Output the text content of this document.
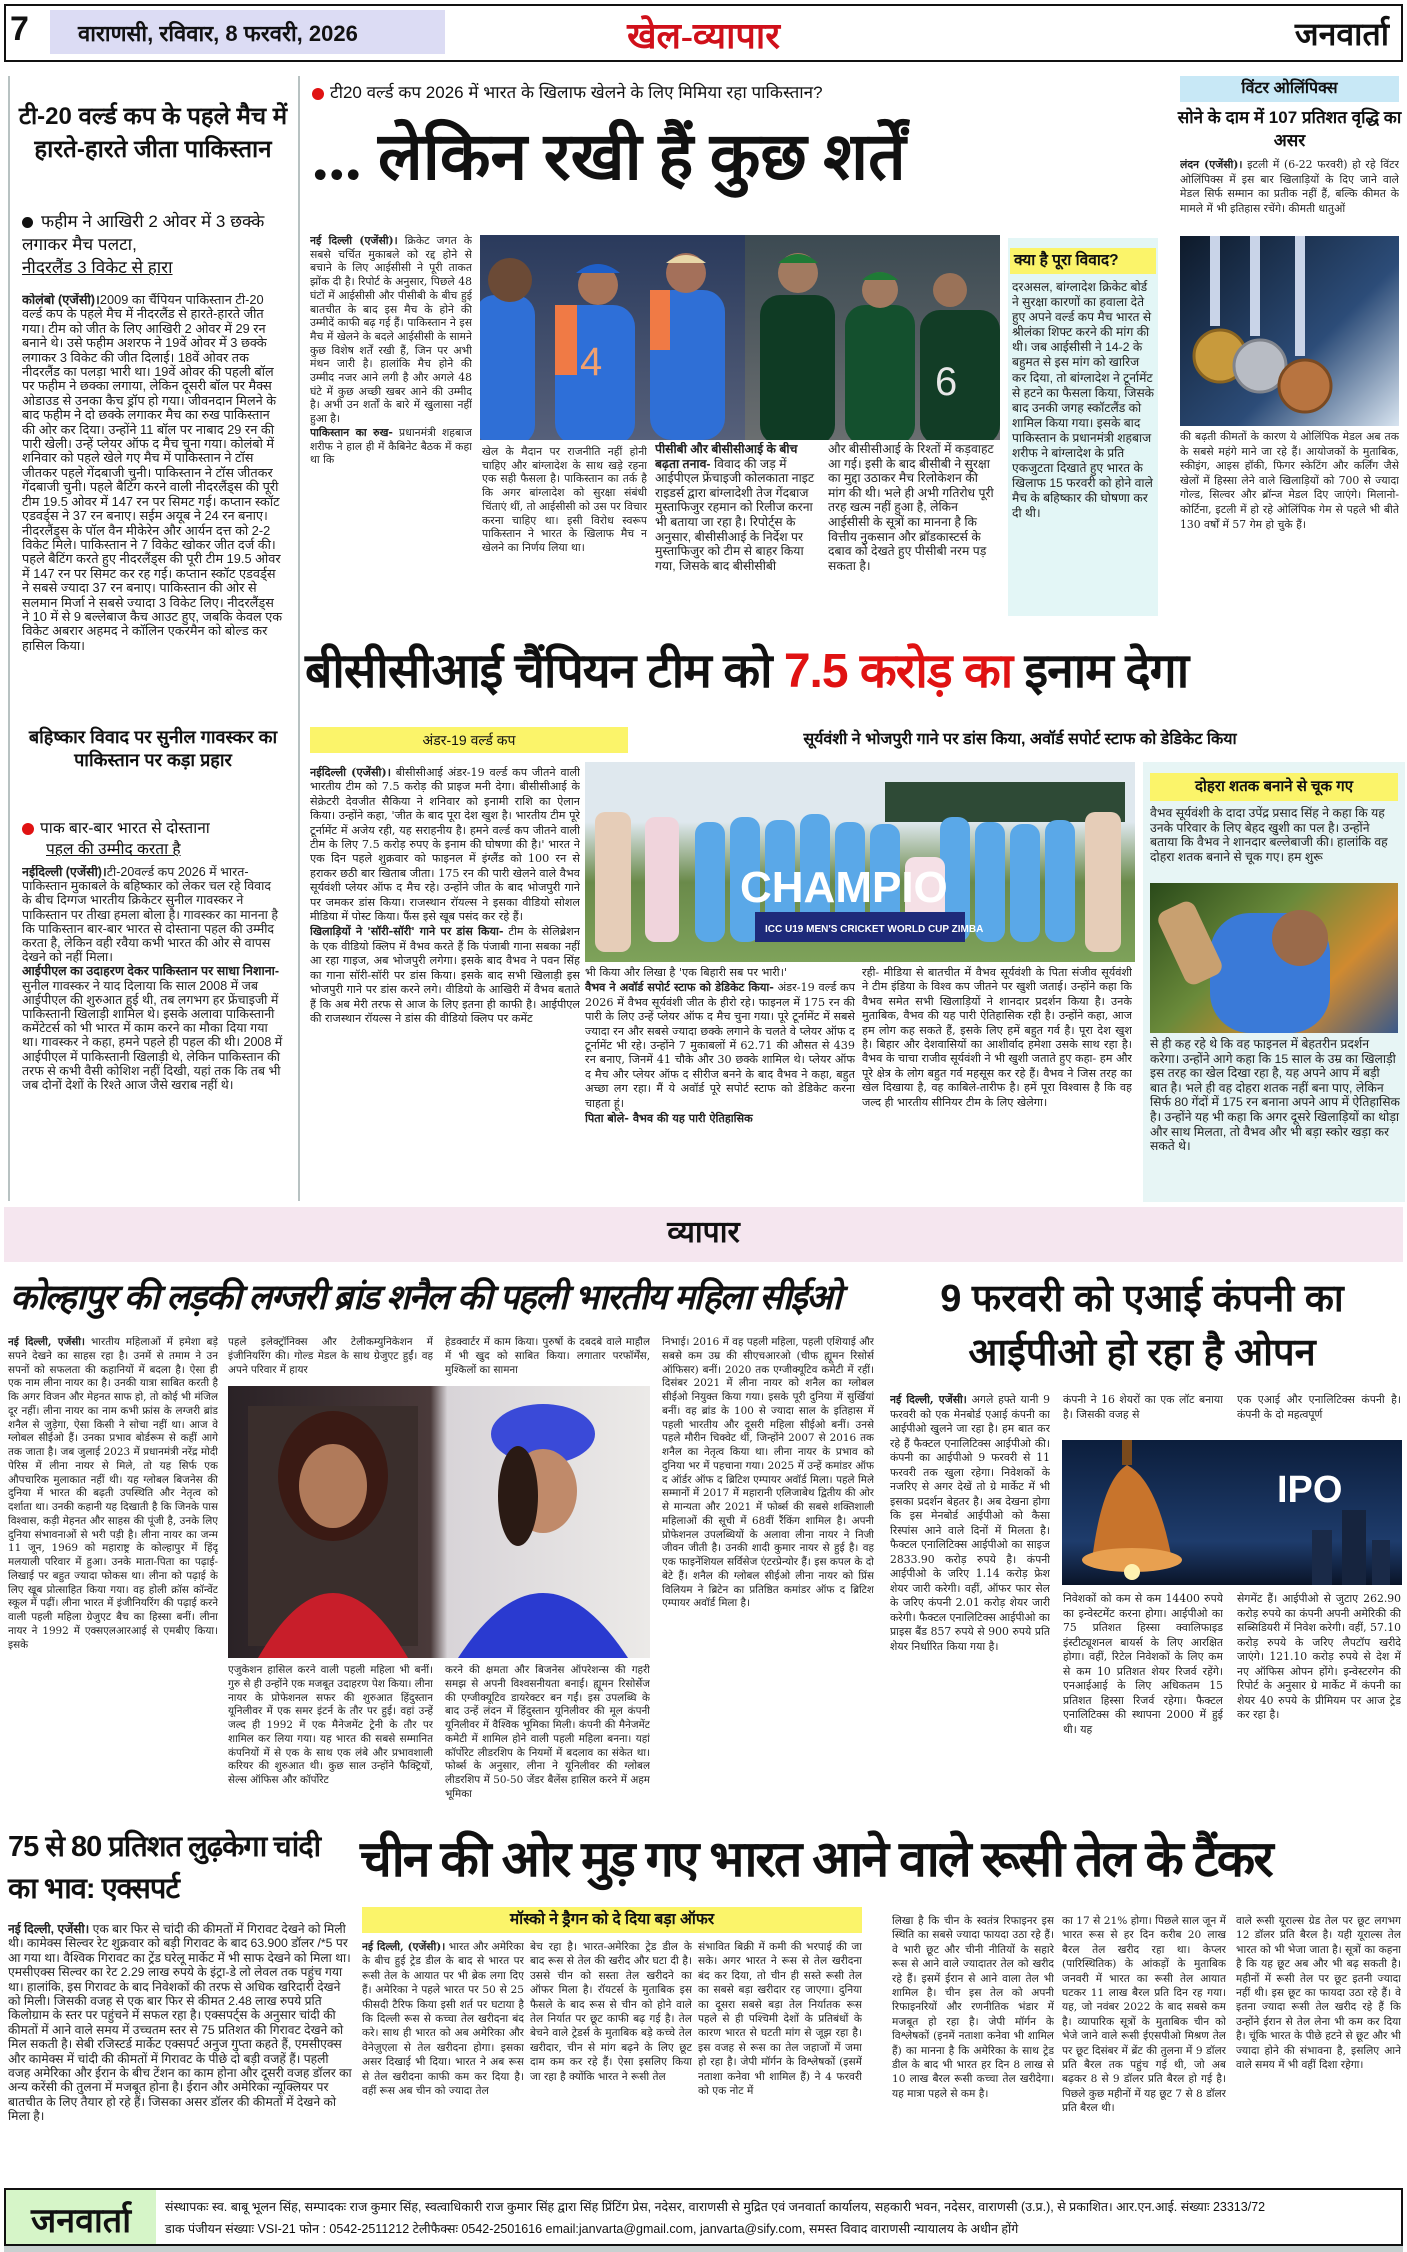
7 वाराणसी, रविवार, 8 फरवरी, 2026	खेल-व्यापार	जनवार्ता
टी-20 वर्ल्ड कप के पहले मैच में हारते-हारते जीता पाकिस्तान
फहीम ने आखिरी 2 ओवर में 3 छक्के लगाकर मैच पलटा,
नीदरलैंड 3 विकेट से हारा
कोलंबो (एजेंसी)।2009 का चैंपियन पाकिस्तान टी-20 वर्ल्ड कप के पहले मैच में नीदरलैंड से हारते-हारते जीत गया। टीम को जीत के लिए आखिरी 2 ओवर में 29 रन बनाने थे। उसे फहीम अशरफ ने 19वें ओवर में 3 छक्के लगाकर 3 विकेट की जीत दिलाई। 18वें ओवर तक नीदरलैंड का पलड़ा भारी था। 19वें ओवर की पहली बॉल पर फहीम ने छक्का लगाया, लेकिन दूसरी बॉल पर मैक्स ओडाउड से उनका कैच ड्रॉप हो गया। जीवनदान मिलने के बाद फहीम ने दो छक्के लगाकर मैच का रुख पाकिस्तान की ओर कर दिया। उन्होंने 11 बॉल पर नाबाद 29 रन की पारी खेली। उन्हें प्लेयर ऑफ द मैच चुना गया। कोलंबो में शनिवार को पहले खेले गए मैच में पाकिस्तान ने टॉस जीतकर पहले गेंदबाजी चुनी। पाकिस्तान ने टॉस जीतकर गेंदबाजी चुनी। पहले बैटिंग करने वाली नीदरलैंड्स की पूरी टीम 19.5 ओवर में 147 रन पर सिमट गई। कप्तान स्कॉट एडवर्ड्स ने 37 रन बनाए। सईम अयूब ने 24 रन बनाए। नीदरलैंड्स के पॉल वैन मीकेरेन और आर्यन दत्त को 2-2 विकेट मिले। पाकिस्तान ने 7 विकेट खोकर जीत दर्ज की। पहले बैटिंग करते हुए नीदरलैंड्स की पूरी टीम 19.5 ओवर में 147 रन पर सिमट कर रह गई। कप्तान स्कॉट एडवर्ड्स ने सबसे ज्यादा 37 रन बनाए। पाकिस्तान की ओर से सलमान मिर्जा ने सबसे ज्यादा 3 विकेट लिए। नीदरलैंड्स ने 10 में से 9 बल्लेबाज कैच आउट हुए, जबकि केवल एक विकेट अबरार अहमद ने कॉलिन एकरमैन को बोल्ड कर हासिल किया।
बहिष्कार विवाद पर सुनील गावस्कर का पाकिस्तान पर कड़ा प्रहार
पाक बार-बार भारत से दोस्ताना
पहल की उम्मीद करता है
नईदिल्ली (एजेंसी)।टी-20वर्ल्ड कप 2026 में भारत-पाकिस्तान मुकाबले के बहिष्कार को लेकर चल रहे विवाद के बीच दिग्गज भारतीय क्रिकेटर सुनील गावस्कर ने पाकिस्तान पर तीखा हमला बोला है। गावस्कर का मानना है कि पाकिस्तान बार-बार भारत से दोस्ताना पहल की उम्मीद करता है, लेकिन वही रवैया कभी भारत की ओर से वापस देखने को नहीं मिला।
आईपीएल का उदाहरण देकर पाकिस्तान पर साधा निशाना- सुनील गावस्कर ने याद दिलाया कि साल 2008 में जब आईपीएल की शुरुआत हुई थी, तब लगभग हर फ्रेंचाइजी में पाकिस्तानी खिलाड़ी शामिल थे। इसके अलावा पाकिस्तानी कमेंटेटर्स को भी भारत में काम करने का मौका दिया गया था। गावस्कर ने कहा, हमने पहले ही पहल की थी। 2008 में आईपीएल में पाकिस्तानी खिलाड़ी थे, लेकिन पाकिस्तान की तरफ से कभी वैसी कोशिश नहीं दिखी, यहां तक कि तब भी जब दोनों देशों के रिश्ते आज जैसे खराब नहीं थे।
टी20 वर्ल्ड कप 2026 में भारत के खिलाफ खेलने के लिए मिमिया रहा पाकिस्तान?
... लेकिन रखी हैं कुछ शर्तें
नई दिल्ली (एजेंसी)। क्रिकेट जगत के सबसे चर्चित मुकाबले को रद्द होने से बचाने के लिए आईसीसी ने पूरी ताकत झोंक दी है। रिपोर्ट के अनुसार, पिछले 48 घंटों में आईसीसी और पीसीबी के बीच हुई बातचीत के बाद इस मैच के होने की उम्मीदें काफी बढ़ गई हैं। पाकिस्तान ने इस मैच में खेलने के बदले आईसीसी के सामने कुछ विशेष शर्तें रखी हैं, जिन पर अभी मंथन जारी है। हालांकि मैच होने की उम्मीद नजर आने लगी है और अगले 48 घंटे में कुछ अच्छी खबर आने की उम्मीद है। अभी उन शर्तों के बारे में खुलासा नहीं हुआ है।
पाकिस्तान का रुख- प्रधानमंत्री शहबाज शरीफ ने हाल ही में कैबिनेट बैठक में कहा था कि
4	6
खेल के मैदान पर राजनीति नहीं होनी चाहिए और बांग्लादेश के साथ खड़े रहना एक सही फैसला है। पाकिस्तान का तर्क है कि अगर बांग्लादेश को सुरक्षा संबंधी चिंताएं थीं, तो आईसीसी को उस पर विचार करना चाहिए था। इसी विरोध स्वरूप पाकिस्तान ने भारत के खिलाफ मैच न खेलने का निर्णय लिया था।
पीसीबी और बीसीसीआई के बीच बढ़ता तनाव- विवाद की जड़ में आईपीएल फ्रेंचाइजी कोलकाता नाइट राइडर्स द्वारा बांग्लादेशी तेज गेंदबाज मुस्ताफिजुर रहमान को रिलीज करना भी बताया जा रहा है। रिपोर्ट्स के अनुसार, बीसीसीआई के निर्देश पर मुस्ताफिजुर को टीम से बाहर किया गया, जिसके बाद बीसीसीबी
और बीसीसीआई के रिश्तों में कड़वाहट आ गई। इसी के बाद बीसीबी ने सुरक्षा का मुद्दा उठाकर मैच रिलोकेशन की मांग की थी। भले ही अभी गतिरोध पूरी तरह खत्म नहीं हुआ है, लेकिन आईसीसी के सूत्रों का मानना है कि वित्तीय नुकसान और ब्रॉडकास्टर्स के दबाव को देखते हुए पीसीबी नरम पड़ सकता है।
क्या है पूरा विवाद?
दरअसल, बांग्लादेश क्रिकेट बोर्ड ने सुरक्षा कारणों का हवाला देते हुए अपने वर्ल्ड कप मैच भारत से श्रीलंका शिफ्ट करने की मांग की थी। जब आईसीसी ने 14-2 के बहुमत से इस मांग को खारिज कर दिया, तो बांग्लादेश ने टूर्नामेंट से हटने का फैसला किया, जिसके बाद उनकी जगह स्कॉटलैंड को शामिल किया गया। इसके बाद पाकिस्तान के प्रधानमंत्री शहबाज शरीफ ने बांग्लादेश के प्रति एकजुटता दिखाते हुए भारत के खिलाफ 15 फरवरी को होने वाले मैच के बहिष्कार की घोषणा कर दी थी।
विंटर ओलिंपिक्स
सोने के दाम में 107 प्रतिशत वृद्धि का असर
लंदन (एजेंसी)। इटली में (6-22 फरवरी) हो रहे विंटर ओलिंपिक्स में इस बार खिलाड़ियों के दिए जाने वाले मेडल सिर्फ सम्मान का प्रतीक नहीं हैं, बल्कि कीमत के मामले में भी इतिहास रचेंगे। कीमती धातुओं
की बढ़ती कीमतों के कारण ये ओलिंपिक मेडल अब तक के सबसे महंगे माने जा रहे हैं। आयोजकों के मुताबिक, स्कीइंग, आइस हॉकी, फिगर स्केटिंग और कर्लिंग जैसे खेलों में हिस्सा लेने वाले खिलाड़ियों को 700 से ज्यादा गोल्ड, सिल्वर और ब्रॉन्ज मेडल दिए जाएंगे। मिलानो-कोर्टिना, इटली में हो रहे ओलिंपिक गेम से पहले भी बीते 130 वर्षों में 57 गेम हो चुके हैं।
बीसीसीआई चैंपियन टीम को 7.5 करोड़ का इनाम देगा
अंडर-19 वर्ल्ड कप	सूर्यवंशी ने भोजपुरी गाने पर डांस किया, अवॉर्ड सपोर्ट स्टाफ को डेडिकेट किया
नईदिल्ली (एजेंसी)। बीसीसीआई अंडर-19 वर्ल्ड कप जीतने वाली भारतीय टीम को 7.5 करोड़ की प्राइज मनी देगा। बीसीसीआई के सेक्रेटरी देवजीत सैकिया ने शनिवार को इनामी राशि का ऐलान किया। उन्होंने कहा, 'जीत के बाद पूरा देश खुश है। भारतीय टीम पूरे टूर्नामेंट में अजेय रही, यह सराहनीय है। हमने वर्ल्ड कप जीतने वाली टीम के लिए 7.5 करोड़ रुपए के इनाम की घोषणा की है।' भारत ने एक दिन पहले शुक्रवार को फाइनल में इंग्लैंड को 100 रन से हराकर छठी बार खिताब जीता। 175 रन की पारी खेलने वाले वैभव सूर्यवंशी प्लेयर ऑफ द मैच रहे। उन्होंने जीत के बाद भोजपुरी गाने पर जमकर डांस किया। राजस्थान रॉयल्स ने इसका वीडियो सोशल मीडिया में पोस्ट किया। फैंस इसे खूब पसंद कर रहे हैं।
खिलाड़ियों ने 'सॉरी-सॉरी' गाने पर डांस किया- टीम के सेलिब्रेशन के एक वीडियो क्लिप में वैभव करते हैं कि पंजाबी गाना सबका नहीं आ रहा गाइज, अब भोजपुरी लगेगा। इसके बाद वैभव ने पवन सिंह का गाना सॉरी-सॉरी पर डांस किया। इसके बाद सभी खिलाड़ी इस भोजपुरी गाने पर डांस करने लगे। वीडियो के आखिरी में वैभव बताते हैं कि अब मेरी तरफ से आज के लिए इतना ही काफी है। आईपीएल की राजस्थान रॉयल्स ने डांस की वीडियो क्लिप पर कमेंट
CHAMPIO
ICC U19 MEN'S CRICKET WORLD CUP ZIMBA
भी किया और लिखा है 'एक बिहारी सब पर भारी।'
वैभव ने अवॉर्ड सपोर्ट स्टाफ को डेडिकेट किया- अंडर-19 वर्ल्ड कप 2026 में वैभव सूर्यवंशी जीत के हीरो रहे। फाइनल में 175 रन की पारी के लिए उन्हें प्लेयर ऑफ द मैच चुना गया। पूरे टूर्नामेंट में सबसे ज्यादा रन और सबसे ज्यादा छक्के लगाने के चलते वे प्लेयर ऑफ द टूर्नामेंट भी रहे। उन्होंने 7 मुकाबलों में 62.71 की औसत से 439 रन बनाए, जिनमें 41 चौके और 30 छक्के शामिल थे। प्लेयर ऑफ द मैच और प्लेयर ऑफ द सीरीज बनने के बाद वैभव ने कहा, बहुत अच्छा लग रहा। मैं ये अवॉर्ड पूरे सपोर्ट स्टाफ को डेडिकेट करना चाहता हूं।
पिता बोले- वैभव की यह पारी ऐतिहासिक
रही- मीडिया से बातचीत में वैभव सूर्यवंशी के पिता संजीव सूर्यवंशी ने टीम इंडिया के विश्व कप जीतने पर खुशी जताई। उन्होंने कहा कि वैभव समेत सभी खिलाड़ियों ने शानदार प्रदर्शन किया है। उनके मुताबिक, वैभव की यह पारी ऐतिहासिक रही है। उन्होंने कहा, आज हम लोग कह सकते हैं, इसके लिए हमें बहुत गर्व है। पूरा देश खुश है। बिहार और देशवासियों का आशीर्वाद हमेशा उसके साथ रहा है। वैभव के चाचा राजीव सूर्यवंशी ने भी खुशी जताते हुए कहा- हम और पूरे क्षेत्र के लोग बहुत गर्व महसूस कर रहे हैं। वैभव ने जिस तरह का खेल दिखाया है, वह काबिले-तारीफ है। हमें पूरा विश्वास है कि वह जल्द ही भारतीय सीनियर टीम के लिए खेलेगा।
दोहरा शतक बनाने से चूक गए
वैभव सूर्यवंशी के दादा उपेंद्र प्रसाद सिंह ने कहा कि यह उनके परिवार के लिए बेहद खुशी का पल है। उन्होंने बताया कि वैभव ने शानदार बल्लेबाजी की। हालांकि वह दोहरा शतक बनाने से चूक गए। हम शुरू
से ही कह रहे थे कि वह फाइनल में बेहतरीन प्रदर्शन करेगा। उन्होंने आगे कहा कि 15 साल के उम्र का खिलाड़ी इस तरह का खेल दिखा रहा है, यह अपने आप में बड़ी बात है। भले ही वह दोहरा शतक नहीं बना पाए, लेकिन सिर्फ 80 गेंदों में 175 रन बनाना अपने आप में ऐतिहासिक है। उन्होंने यह भी कहा कि अगर दूसरे खिलाड़ियों का थोड़ा और साथ मिलता, तो वैभव और भी बड़ा स्कोर खड़ा कर सकते थे।
व्यापार
कोल्हापुर की लड़की लग्जरी ब्रांड शनैल की पहली भारतीय महिला सीईओ
नई दिल्ली, एजेंसी। भारतीय महिलाओं में हमेशा बड़े सपने देखने का साहस रहा है। उनमें से तमाम ने उन सपनों को सफलता की कहानियों में बदला है। ऐसा ही एक नाम लीना नायर का है। उनकी यात्रा साबित करती है कि अगर विजन और मेहनत साफ हो, तो कोई भी मंजिल दूर नहीं। लीना नायर का नाम कभी फ्रांस के लग्जरी ब्रांड शनैल से जुड़ेगा, ऐसा किसी ने सोचा नहीं था। आज वे ग्लोबल सीईओ हैं। उनका प्रभाव बोर्डरूम से कहीं आगे तक जाता है। जब जुलाई 2023 में प्रधानमंत्री नरेंद्र मोदी पेरिस में लीना नायर से मिले, तो यह सिर्फ एक औपचारिक मुलाकात नहीं थी। यह ग्लोबल बिजनेस की दुनिया में भारत की बढ़ती उपस्थिति और नेतृत्व को दर्शाता था। उनकी कहानी यह दिखाती है कि जिनके पास विश्वास, कड़ी मेहनत और साहस की पूंजी है, उनके लिए दुनिया संभावनाओं से भरी पड़ी है। लीना नायर का जन्म 11 जून, 1969 को महाराष्ट्र के कोल्हापुर में हिंदू मलयाली परिवार में हुआ। उनके माता-पिता का पढ़ाई-लिखाई पर बहुत ज्यादा फोकस था। लीना को पढ़ाई के लिए खूब प्रोत्साहित किया गया। वह होली क्रॉस कॉन्वेंट स्कूल में पढ़ीं। लीना भारत में इंजीनियरिंग की पढ़ाई करने वाली पहली महिला ग्रेजुएट बैच का हिस्सा बनीं। लीना नायर ने 1992 में एक्सएलआरआई से एमबीए किया। इसके
पहले इलेक्ट्रॉनिक्स और टेलीकम्युनिकेशन में इंजीनियरिंग की। गोल्ड मेडल के साथ ग्रेजुएट हुईं। वह अपने परिवार में हायर
हेडक्वार्टर में काम किया। पुरुषों के दबदबे वाले माहौल में भी खुद को साबित किया। लगातार परफॉर्मेंस, मुश्किलों का सामना
निभाई। 2016 में वह पहली महिला, पहली एशियाई और सबसे कम उम्र की सीएचआरओ (चीफ ह्यूमन रिसोर्स ऑफिसर) बनीं। 2020 तक एग्जीक्यूटिव कमेटी में रहीं। दिसंबर 2021 में लीना नायर को शनैल का ग्लोबल सीईओ नियुक्त किया गया। इसके पूरी दुनिया में सुर्खियां बनीं। वह ब्रांड के 100 से ज्यादा साल के इतिहास में पहली भारतीय और दूसरी महिला सीईओ बनीं। उनसे पहले मौरीन चिक्वेट थीं, जिन्होंने 2007 से 2016 तक शनैल का नेतृत्व किया था। लीना नायर के प्रभाव को दुनिया भर में पहचाना गया। 2025 में उन्हें कमांडर ऑफ द ऑर्डर ऑफ द ब्रिटिश एम्पायर अवॉर्ड मिला। पहले मिले सम्मानों में 2017 में महारानी एलिजाबेथ द्वितीय की ओर से मान्यता और 2021 में फोर्ब्स की सबसे शक्तिशाली महिलाओं की सूची में 68वीं रैंकिंग शामिल है। अपनी प्रोफेशनल उपलब्धियों के अलावा लीना नायर ने निजी जीवन जीती है। उनकी शादी कुमार नायर से हुई है। वह एक फाइनेंशियल सर्विसेज एंटरप्रेन्योर हैं। इस कपल के दो बेटे हैं। शनैल की ग्लोबल सीईओ लीना नायर को प्रिंस विलियम ने ब्रिटेन का प्रतिष्ठित कमांडर ऑफ द ब्रिटिश एम्पायर अवॉर्ड मिला है।
एजुकेशन हासिल करने वाली पहली महिला भी बनीं। गुरु से ही उन्होंने एक मजबूत उदाहरण पेश किया। लीना नायर के प्रोफेशनल सफर की शुरुआत हिंदुस्तान यूनिलीवर में एक समर इंटर्न के तौर पर हुई। वहां उन्हें जल्द ही 1992 में एक मैनेजमेंट ट्रेनी के तौर पर शामिल कर लिया गया। यह भारत की सबसे सम्मानित कंपनियों में से एक के साथ एक लंबे और प्रभावशाली करियर की शुरुआत थी। कुछ साल उन्होंने फैक्ट्रियों, सेल्स ऑफिस और कॉर्पोरेट
करने की क्षमता और बिजनेस ऑपरेशन्स की गहरी समझ से अपनी विश्वसनीयता बनाई। ह्यूमन रिसोर्सेज की एग्जीक्यूटिव डायरेक्टर बन गईं। इस उपलब्धि के बाद उन्हें लंदन में हिंदुस्तान यूनिलीवर की मूल कंपनी यूनिलीवर में वैश्विक भूमिका मिली। कंपनी की मैनेजमेंट कमेटी में शामिल होने वाली पहली महिला बनना। यहां कॉर्पोरेट लीडरशिप के नियमों में बदलाव का संकेत था। फोर्ब्स के अनुसार, लीना ने यूनिलीवर की ग्लोबल लीडरशिप में 50-50 जेंडर बैलेंस हासिल करने में अहम भूमिका
9 फरवरी को एआई कंपनी का आईपीओ हो रहा है ओपन
नई दिल्ली, एजेंसी। अगले हफ्ते यानी 9 फरवरी को एक मेनबोर्ड एआई कंपनी का आईपीओ खुलने जा रहा है। हम बात कर रहे हैं फैक्टल एनालिटिक्स आईपीओ की। कंपनी का आईपीओ 9 फरवरी से 11 फरवरी तक खुला रहेगा। निवेशकों के नजरिए से अगर देखें तो ग्रे मार्केट में भी इसका प्रदर्शन बेहतर है। अब देखना होगा कि इस मेनबोर्ड आईपीओ को कैसा रिस्पांस आने वाले दिनों में मिलता है। फैक्टल एनालिटिक्स आईपीओ का साइज 2833.90 करोड़ रुपये है। कंपनी आईपीओ के जरिए 1.14 करोड़ फ्रेश शेयर जारी करेगी। वहीं, ऑफर फार सेल के जरिए कंपनी 2.01 करोड़ शेयर जारी करेगी। फैक्टल एनालिटिक्स आईपीओ का प्राइस बैंड 857 रुपये से 900 रुपये प्रति शेयर निर्धारित किया गया है।
कंपनी ने 16 शेयरों का एक लॉट बनाया है। जिसकी वजह से
एक एआई और एनालिटिक्स कंपनी है। कंपनी के दो महत्वपूर्ण
IPO
निवेशकों को कम से कम 14400 रुपये का इन्वेस्टमेंट करना होगा। आईपीओ का 75 प्रतिशत हिस्सा क्वालिफाइड इंस्टीट्यूशनल बायर्स के लिए आरक्षित होगा। वहीं, रिटेल निवेशकों के लिए कम से कम 10 प्रतिशत शेयर रिजर्व रहेंगे। एनआईआई के लिए अधिकतम 15 प्रतिशत हिस्सा रिजर्व रहेगा। फैक्टल एनालिटिक्स की स्थापना 2000 में हुई थी। यह
सेगमेंट हैं। आईपीओ से जुटाए 262.90 करोड़ रुपये का कंपनी अपनी अमेरिकी की सब्सिडियरी में निवेश करेगी। वहीं, 57.10 करोड़ रुपये के जरिए लैपटॉप खरीदे जाएंगे। 121.10 करोड़ रुपये से देश में नए ऑफिस ओपन होंगे। इन्वेस्टरगेन की रिपोर्ट के अनुसार ग्रे मार्केट में कंपनी का शेयर 40 रुपये के प्रीमियम पर आज ट्रेड कर रहा है।
75 से 80 प्रतिशत लुढ़केगा चांदी का भाव: एक्सपर्ट
नई दिल्ली, एजेंसी। एक बार फिर से चांदी की कीमतों में गिरावट देखने को मिली थी। कामेक्स सिल्वर रेट शुक्रवार को बड़ी गिरावट के बाद 63.900 डॉलर /*5 पर आ गया था। वैश्विक गिरावट का ट्रेंड घरेलू मार्केट में भी साफ देखने को मिला था। एमसीएक्स सिल्वर का रेट 2.29 लाख रुपये के इंट्रा-डे लो लेवल तक पहुंच गया था। हालांकि, इस गिरावट के बाद निवेशकों की तरफ से अधिक खरिदारी देखने को मिली। जिसकी वजह से एक बार फिर से कीमत 2.48 लाख रुपये प्रति किलोग्राम के स्तर पर पहुंचने में सफल रहा है। एक्सपर्ट्स के अनुसार चांदी की कीमतों में आने वाले समय में उच्चतम स्तर से 75 प्रतिशत की गिरावट देखने को मिल सकती है। सेबी रजिस्टर्ड मार्केट एक्सपर्ट अनुज गुप्ता कहते हैं, एमसीएक्स और कामेक्स में चांदी की कीमतों में गिरावट के पीछे दो बड़ी वजहें हैं। पहली वजह अमेरिका और ईरान के बीच टेंशन का काम होना और दूसरी वजह डॉलर का अन्य करेंसी की तुलना में मजबूत होना है। ईरान और अमेरिका न्यूक्लियर पर बातचीत के लिए तैयार हो रहे हैं। जिसका असर डॉलर की कीमतों में देखने को मिला है।
चीन की ओर मुड़ गए भारत आने वाले रूसी तेल के टैंकर
मॉस्को ने ड्रैगन को दे दिया बड़ा ऑफर
नई दिल्ली, (एजेंसी)। भारत और अमेरिका के बीच हुई ट्रेड डील के बाद से भारत पर रूसी तेल के आयात पर भी ब्रेक लगा दिए हैं। अमेरिका ने पहले भारत पर 50 से 25 फीसदी टैरिफ किया इसी शर्त पर घटाया है कि दिल्ली रूस से कच्चा तेल खरीदना बंद करे। साथ ही भारत को अब अमेरिका और वेनेज़ुएला से तेल खरीदना होगा। इसका असर दिखाई भी दिया। भारत ने अब रूस से तेल खरीदना काफी कम कर दिया है। वहीं रूस अब चीन को ज्यादा तेल
बेच रहा है। भारत-अमेरिका ट्रेड डील के बाद रूस से तेल की खरीद और घटा दी है। उससे चीन को सस्ता तेल खरीदने का ऑफर मिला है। रॉयटर्स के मुताबिक इस फैसले के बाद रूस से चीन को होने वाले तेल निर्यात पर छूट काफी बढ़ गई है। तेल बेचने वाले ट्रेडर्स के मुताबिक बड़े कच्चे तेल खरीदार, चीन से मांग बढ़ने के लिए छूट दाम कम कर रहे हैं। ऐसा इसलिए किया जा रहा है क्योंकि भारत ने रूसी तेल
संभावित बिक्री में कमी की भरपाई की जा सके। अगर भारत ने रूस से तेल खरीदना बंद कर दिया, तो चीन ही सस्ते रूसी तेल का सबसे बड़ा खरीदार रह जाएगा। दुनिया का दूसरा सबसे बड़ा तेल निर्यातक रूस पहले से ही पश्चिमी देशों के प्रतिबंधों के कारण भारत से घटती मांग से जूझ रहा है। इस वजह से रूस का तेल जहाजों में जमा हो रहा है। जेपी मॉर्गन के विश्लेषकों (इसमें नताशा कनेवा भी शामिल हैं) ने 4 फरवरी को एक नोट में
लिखा है कि चीन के स्वतंत्र रिफाइनर इस स्थिति का सबसे ज्यादा फायदा उठा रहे हैं। वे भारी छूट और चीनी नीतियों के सहारे रूस से आने वाले ज्यादातर तेल को खरीद रहे हैं। इसमें ईरान से आने वाला तेल भी शामिल है। चीन इस तेल को अपनी रिफाइनरियों और रणनीतिक भंडार में मजबूत हो रहा है। जेपी मॉर्गन के विश्लेषकों (इनमें नताशा कनेवा भी शामिल हैं) का मानना है कि अमेरिका के साथ ट्रेड डील के बाद भी भारत हर दिन 8 लाख से 10 लाख बैरल रूसी कच्चा तेल खरीदेगा। यह मात्रा पहले से कम है।
का 17 से 21% होगा। पिछले साल जून में भारत रूस से हर दिन करीब 20 लाख बैरल तेल खरीद रहा था। केप्लर (पारिस्थितिक) के आंकड़ों के मुताबिक जनवरी में भारत का रूसी तेल आयात घटकर 11 लाख बैरल प्रति दिन रह गया। यह, जो नवंबर 2022 के बाद सबसे कम है। व्यापारिक सूत्रों के मुताबिक चीन को भेजे जाने वाले रूसी ईएसपीओ मिश्रण तेल पर छूट दिसंबर में ब्रेंट की तुलना में 9 डॉलर प्रति बैरल तक पहुंच गई थी, जो अब बढ़कर 8 से 9 डॉलर प्रति बैरल हो गई है। पिछले कुछ महीनों में यह छूट 7 से 8 डॉलर प्रति बैरल थी।
वाले रूसी यूराल्स ग्रेड तेल पर छूट लगभग 12 डॉलर प्रति बैरल है। यही यूराल्स तेल भारत को भी भेजा जाता है। सूत्रों का कहना है कि यह छूट अब और भी बढ़ सकती है। महीनों में रूसी तेल पर छूट इतनी ज्यादा नहीं थी। इस छूट का फायदा उठा रहे हैं। वे इतना ज्यादा रूसी तेल खरीद रहे हैं कि उन्होंने ईरान से तेल लेना भी कम कर दिया है। चूंकि भारत के पीछे हटने से छूट और भी ज्यादा होने की संभावना है, इसलिए आने वाले समय में भी वहीं दिशा रहेगा।
जनवार्ता	संस्थापकः स्व. बाबू भूलन सिंह, सम्पादकः राज कुमार सिंह, स्वत्वाधिकारी राज कुमार सिंह द्वारा सिंह प्रिंटिंग प्रेस, नदेसर, वाराणसी से मुद्रित एवं जनवार्ता कार्यालय, सहकारी भवन, नदेसर, वाराणसी (उ.प्र.), से प्रकाशित। आर.एन.आई. संख्याः 23313/72
डाक पंजीयन संख्याः VSI-21 फोन : 0542-2511212 टेलीफैक्सः 0542-2501616 email:janvarta@gmail.com, janvarta@sify.com, समस्त विवाद वाराणसी न्यायालय के अधीन होंगे
